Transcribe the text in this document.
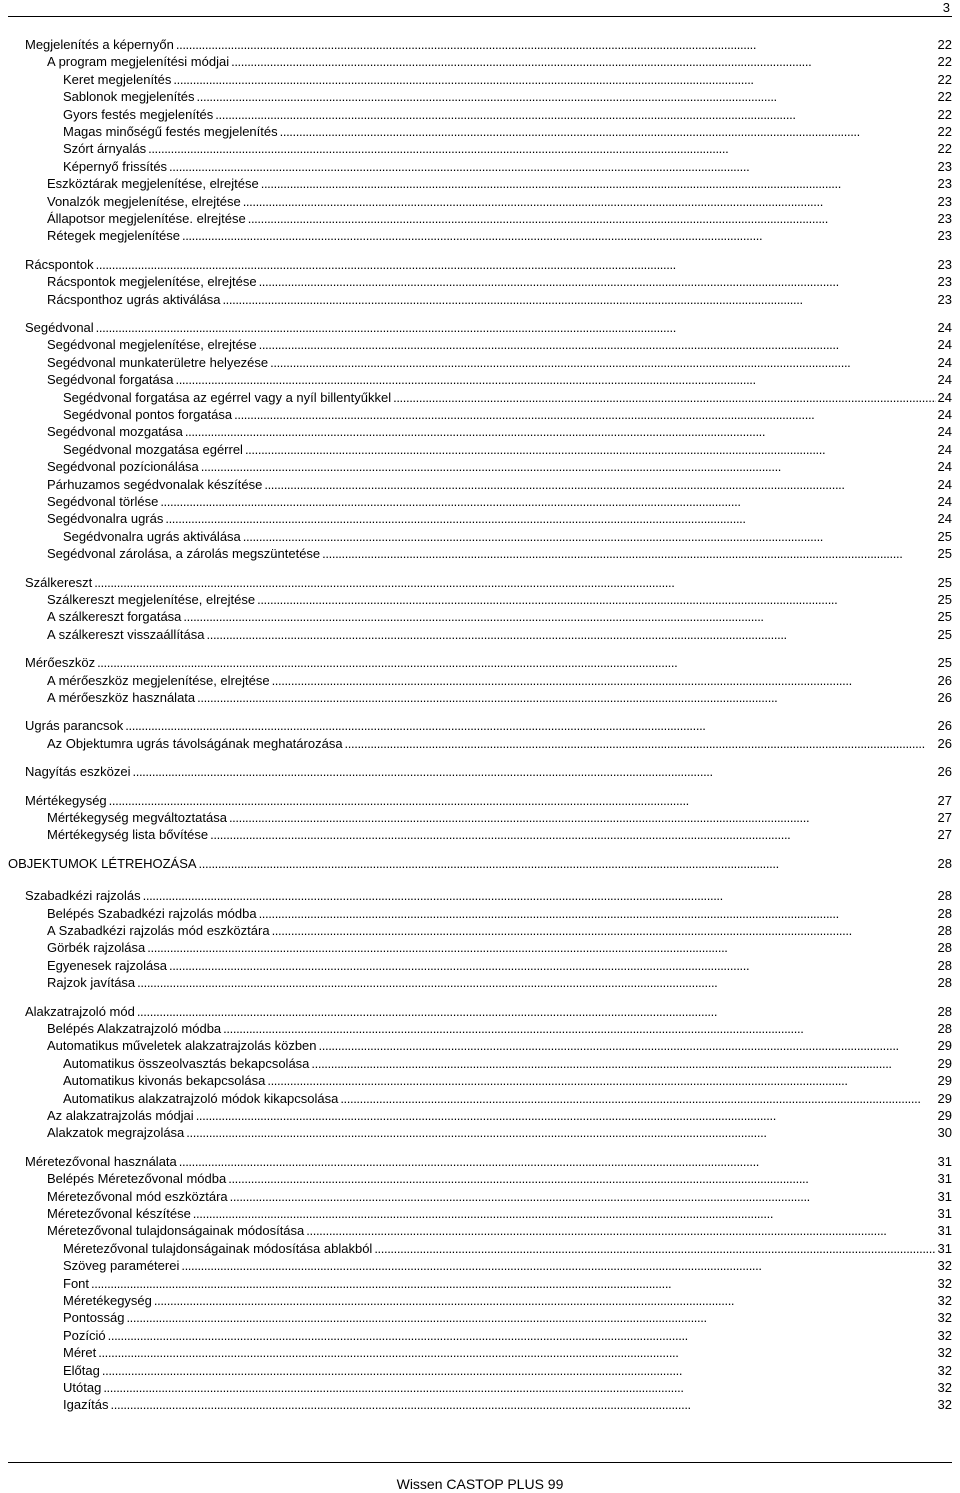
3
Megjelenítés a képernyőn . . .	22
A program megjelenítési módjai . . .	22
Keret megjelenítés . . .	22
Sablonok megjelenítés . . .	22
Gyors festés megjelenítés . . .	22
Magas minőségű festés megjelenítés . . .	22
Szórt árnyalás . . .	22
Képernyő frissítés . . .	23
Eszköztárak megjelenítése, elrejtése . . .	23
Vonalzók megjelenítése, elrejtése . . .	23
Állapotsor megjelenítése. elrejtése . . .	23
Rétegek megjelenítése . . .	23
Rácspontok . . .	23
Rácspontok megjelenítése, elrejtése . . .	23
Rácsponthoz ugrás aktiválása . . .	23
Segédvonal . . .	24
Segédvonal megjelenítése, elrejtése . . .	24
Segédvonal munkaterületre helyezése . . .	24
Segédvonal forgatása . . .	24
Segédvonal forgatása az egérrel vagy a nyíl billentyűkkel . . .	24
Segédvonal pontos forgatása . . .	24
Segédvonal mozgatása . . .	24
Segédvonal mozgatása egérrel . . .	24
Segédvonal pozícionálása . . .	24
Párhuzamos segédvonalak készítése . . .	24
Segédvonal törlése . . .	24
Segédvonalra ugrás . . .	24
Segédvonalra ugrás aktiválása . . .	25
Segédvonal zárolása, a zárolás megszüntetése . . .	25
Szálkereszt . . .	25
Szálkereszt megjelenítése, elrejtése . . .	25
A szálkereszt forgatása . . .	25
A szálkereszt visszaállítása . . .	25
Mérőeszköz . . .	25
A mérőeszköz megjelenítése, elrejtése . . .	26
A mérőeszköz használata . . .	26
Ugrás parancsok . . .	26
Az Objektumra ugrás távolságának meghatározása . . .	26
Nagyítás eszközei . . .	26
Mértékegység . . .	27
Mértékegység megváltoztatása . . .	27
Mértékegység lista bővítése . . .	27
OBJEKTUMOK LÉTREHOZÁSA . . .	28
Szabadkézi rajzolás . . .	28
Belépés Szabadkézi rajzolás módba . . .	28
A Szabadkézi rajzolás mód eszköztára . . .	28
Görbék rajzolása . . .	28
Egyenesek rajzolása . . .	28
Rajzok javítása . . .	28
Alakzatrajzoló mód . . .	28
Belépés Alakzatrajzoló módba . . .	28
Automatikus műveletek alakzatrajzolás közben . . .	29
Automatikus összeolvasztás bekapcsolása . . .	29
Automatikus kivonás bekapcsolása . . .	29
Automatikus alakzatrajzoló módok kikapcsolása . . .	29
Az alakzatrajzolás módjai . . .	29
Alakzatok megrajzolása . . .	30
Méretezővonal használata . . .	31
Belépés Méretezővonal módba . . .	31
Méretezővonal mód eszköztára . . .	31
Méretezővonal készítése . . .	31
Méretezővonal tulajdonságainak módosítása . . .	31
Méretezővonal tulajdonságainak módosítása ablakból . . .	31
Szöveg paraméterei . . .	32
Font . . .	32
Méretékegység . . .	32
Pontosság . . .	32
Pozíció . . .	32
Méret . . .	32
Előtag . . .	32
Utótag . . .	32
Igazítás . . .	32
Wissen CASTOP PLUS 99
